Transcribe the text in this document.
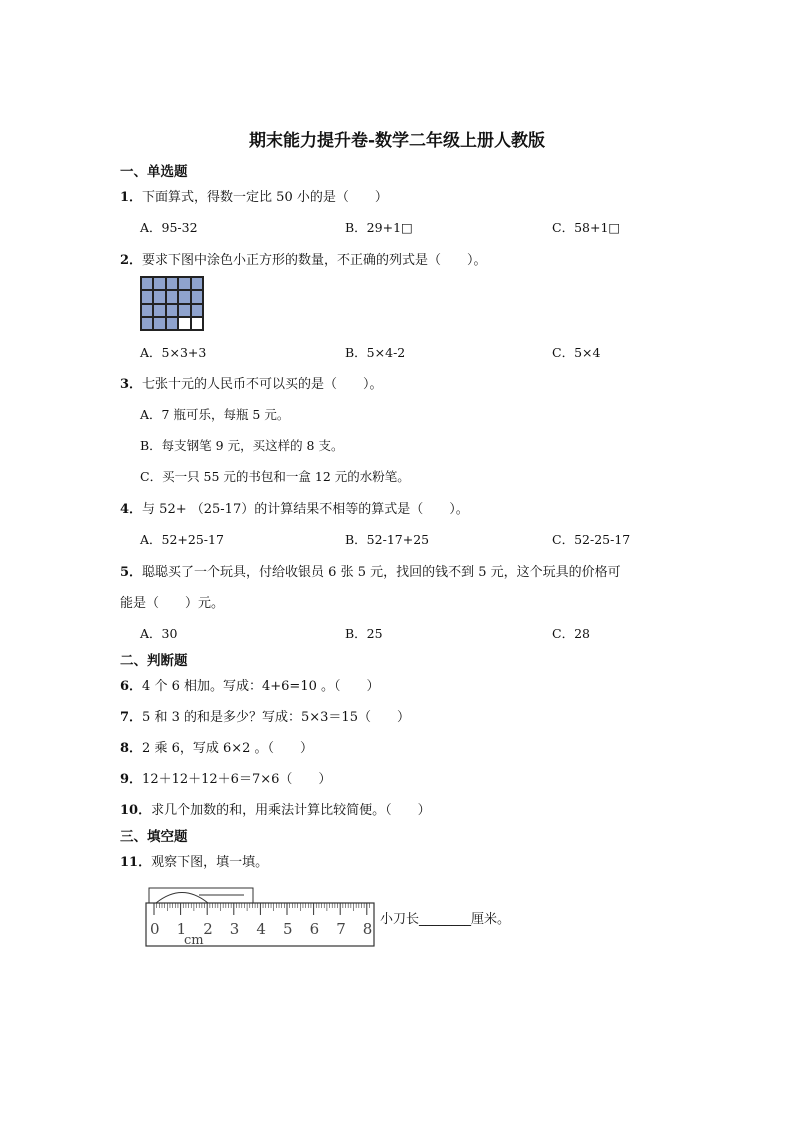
期末能力提升卷-数学二年级上册人教版
一、单选题
1．下面算式，得数一定比 50 小的是（　　）
A．95-32	B．29+1□	C．58+1□
2．要求下图中涂色小正方形的数量，不正确的列式是（　　）。
A．5×3+3	B．5×4-2	C．5×4
3．七张十元的人民币不可以买的是（　　）。
A．7 瓶可乐，每瓶 5 元。
B．每支钢笔 9 元，买这样的 8 支。
C．买一只 55 元的书包和一盒 12 元的水粉笔。
4．与 52+ （25-17）的计算结果不相等的算式是（　　）。
A．52+25-17	B．52-17+25	C．52-25-17
5．聪聪买了一个玩具，付给收银员 6 张 5 元，找回的钱不到 5 元，这个玩具的价格可
能是（　　）元。
A．30	B．25	C．28
二、判断题
6．4 个 6 相加。写成：4+6=10 。（　　）
7．5 和 3 的和是多少？写成：5×3＝15（　　）
8．2 乘 6，写成 6×2 。（　　）
9．12＋12＋12＋6＝7×6（　　）
10．求几个加数的和，用乘法计算比较简便。（　　）
三、填空题
11．观察下图，填一填。
0 1 2 3 4 5 6 7 8
cm
小刀长________厘米。
